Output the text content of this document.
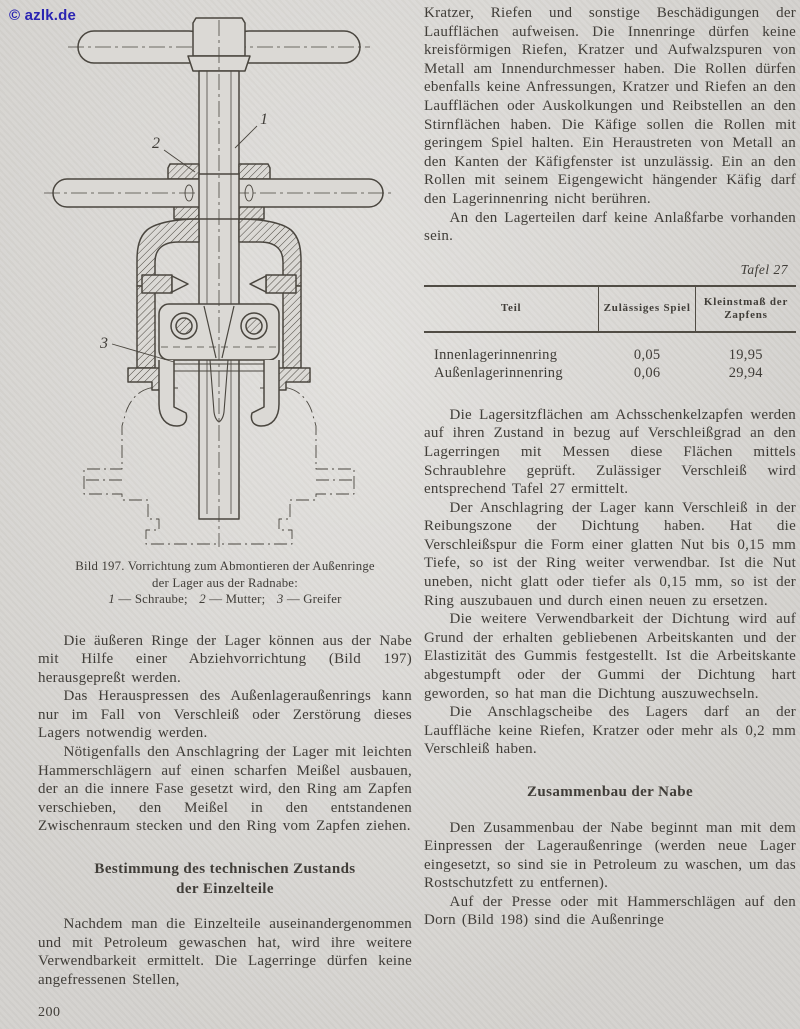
© azlk.de
1
2
3
Bild 197. Vorrichtung zum Abmontieren der Außenringe
der Lager aus der Radnabe:
1 — Schraube; 2 — Mutter; 3 — Greifer

Die äußeren Ringe der Lager können aus der Nabe mit Hilfe einer Abziehvorrichtung (Bild 197) herausgepreßt werden.

Das Herauspressen des Außenlageraußenrings kann nur im Fall von Verschleiß oder Zerstörung dieses Lagers notwendig werden.

Nötigenfalls den Anschlagring der Lager mit leichten Hammerschlägern auf einen scharfen Meißel ausbauen, der an die innere Fase gesetzt wird, den Ring am Zapfen verschieben, den Meißel in den entstandenen Zwischenraum stecken und den Ring vom Zapfen ziehen.

Bestimmung des technischen Zustands
der Einzelteile

Nachdem man die Einzelteile auseinandergenommen und mit Petroleum gewaschen hat, wird ihre weitere Verwendbarkeit ermittelt. Die Lagerringe dürfen keine angefressenen Stellen,

200

Kratzer, Riefen und sonstige Beschädigungen der Laufflächen aufweisen. Die Innenringe dürfen keine kreisförmigen Riefen, Kratzer und Aufwalzspuren von Metall am Innendurchmesser haben. Die Rollen dürfen ebenfalls keine Anfressungen, Kratzer und Riefen an den Laufflächen oder Auskolkungen und Reibstellen an den Stirnflächen haben. Die Käfige sollen die Rollen mit geringem Spiel halten. Ein Heraustreten von Metall an den Kanten der Käfigfenster ist unzulässig. Ein an den Rollen mit seinem Eigengewicht hängender Käfig darf den Lagerinnenring nicht berühren.

An den Lagerteilen darf keine Anlaßfarbe vorhanden sein.

Tafel 27
Teil	Zulässiges Spiel	Kleinstmaß der Zapfens
Innenlagerinnenring	0,05	19,95
Außenlagerinnenring	0,06	29,94

Die Lagersitzflächen am Achsschenkelzapfen werden auf ihren Zustand in bezug auf Verschleißgrad an den Lagerringen mit Messen diese Flächen mittels Schraublehre geprüft. Zulässiger Verschleiß wird entsprechend Tafel 27 ermittelt.

Der Anschlagring der Lager kann Verschleiß in der Reibungszone der Dichtung haben. Hat die Verschleißspur die Form einer glatten Nut bis 0,15 mm Tiefe, so ist der Ring weiter verwendbar. Ist die Nut uneben, nicht glatt oder tiefer als 0,15 mm, so ist der Ring auszubauen und durch einen neuen zu ersetzen.

Die weitere Verwendbarkeit der Dichtung wird auf Grund der erhalten gebliebenen Arbeitskanten und der Elastizität des Gummis festgestellt. Ist die Arbeitskante abgestumpft oder der Gummi der Dichtung hart geworden, so hat man die Dichtung auszuwechseln.

Die Anschlagscheibe des Lagers darf an der Lauffläche keine Riefen, Kratzer oder mehr als 0,2 mm Verschleiß haben.

Zusammenbau der Nabe

Den Zusammenbau der Nabe beginnt man mit dem Einpressen der Lageraußenringe (werden neue Lager eingesetzt, so sind sie in Petroleum zu waschen, um das Rostschutzfett zu entfernen).

Auf der Presse oder mit Hammerschlägen auf den Dorn (Bild 198) sind die Außenringe
